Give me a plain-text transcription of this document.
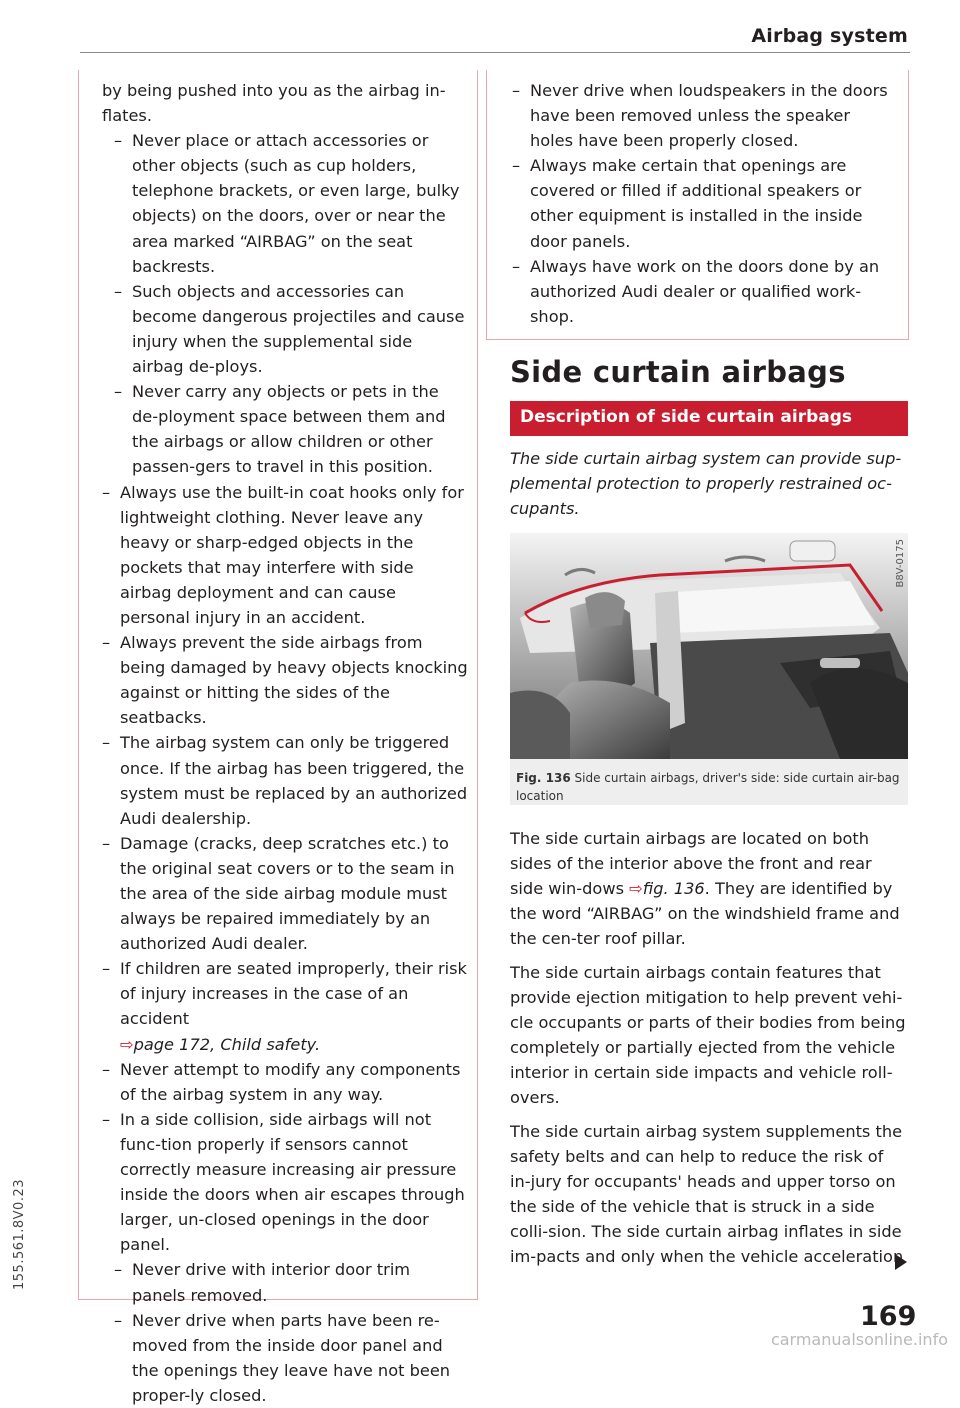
Airbag system
155.561.8V0.23
by being pushed into you as the airbag in-flates.
– Never place or attach accessories or other objects (such as cup holders, telephone brackets, or even large, bulky objects) on the doors, over or near the area marked “AIRBAG” on the seat backrests.
– Such objects and accessories can become dangerous projectiles and cause injury when the supplemental side airbag de-ploys.
– Never carry any objects or pets in the de-ployment space between them and the airbags or allow children or other passen-gers to travel in this position.
– Always use the built-in coat hooks only for lightweight clothing. Never leave any heavy or sharp-edged objects in the pockets that may interfere with side airbag deployment and can cause personal injury in an accident.
– Always prevent the side airbags from being damaged by heavy objects knocking against or hitting the sides of the seatbacks.
– The airbag system can only be triggered once. If the airbag has been triggered, the system must be replaced by an authorized Audi dealership.
– Damage (cracks, deep scratches etc.) to the original seat covers or to the seam in the area of the side airbag module must always be repaired immediately by an authorized Audi dealer.
– If children are seated improperly, their risk of injury increases in the case of an accident
⇨page 172, Child safety.
– Never attempt to modify any components of the airbag system in any way.
– In a side collision, side airbags will not func-tion properly if sensors cannot correctly measure increasing air pressure inside the doors when air escapes through larger, un-closed openings in the door panel.
– Never drive with interior door trim panels removed.
– Never drive when parts have been re-moved from the inside door panel and the openings they leave have not been proper-ly closed.
– Never drive when loudspeakers in the doors have been removed unless the speaker holes have been properly closed.
– Always make certain that openings are covered or filled if additional speakers or other equipment is installed in the inside door panels.
– Always have work on the doors done by an authorized Audi dealer or qualified work-shop.
Side curtain airbags
Description of side curtain airbags
The side curtain airbag system can provide sup-plemental protection to properly restrained oc-cupants.
B8V-0175
Fig. 136 Side curtain airbags, driver's side: side curtain air-bag location

The side curtain airbags are located on both sides of the interior above the front and rear side win-dows ⇨fig. 136. They are identified by the word “AIRBAG” on the windshield frame and the cen-ter roof pillar.

The side curtain airbags contain features that provide ejection mitigation to help prevent vehi-cle occupants or parts of their bodies from being completely or partially ejected from the vehicle interior in certain side impacts and vehicle roll-overs.

The side curtain airbag system supplements the safety belts and can help to reduce the risk of in-jury for occupants' heads and upper torso on the side of the vehicle that is struck in a side colli-sion. The side curtain airbag inflates in side im-pacts and only when the vehicle acceleration

169
carmanualsonline.info
